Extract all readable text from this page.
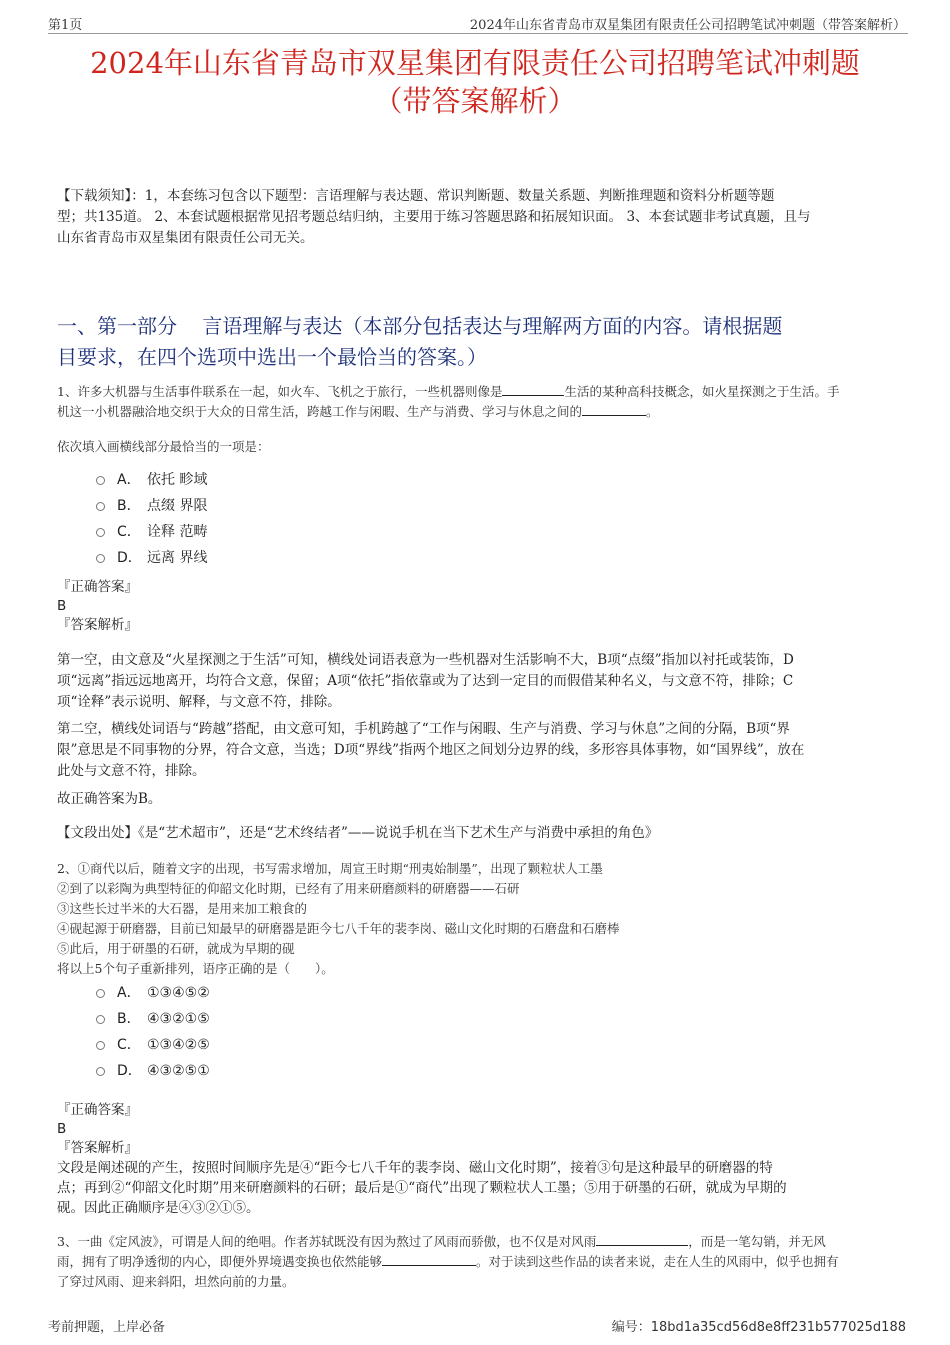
第1页	2024年山东省青岛市双星集团有限责任公司招聘笔试冲刺题（带答案解析）
2024年山东省青岛市双星集团有限责任公司招聘笔试冲刺题
（带答案解析）
【下载须知】：1，本套练习包含以下题型：言语理解与表达题、常识判断题、数量关系题、判断推理题和资料分析题等题
型；共135道。 2、本套试题根据常见招考题总结归纳，主要用于练习答题思路和拓展知识面。 3、本套试题非考试真题，且与
山东省青岛市双星集团有限责任公司无关。
一、第一部分    言语理解与表达（本部分包括表达与理解两方面的内容。请根据题
目要求，在四个选项中选出一个最恰当的答案。）
1、许多大机器与生活事件联系在一起，如火车、飞机之于旅行，一些机器则像是	生活的某种高科技概念，如火星探测之于生活。手
机这一小机器融洽地交织于大众的日常生活，跨越工作与闲暇、生产与消费、学习与休息之间的	。
依次填入画横线部分最恰当的一项是：
A． 依托 畛域
B． 点缀 界限
C． 诠释 范畴
D． 远离 界线
『正确答案』
B
『答案解析』
第一空，由文意及“火星探测之于生活”可知，横线处词语表意为一些机器对生活影响不大，B项“点缀”指加以衬托或装饰，D
项“远离”指远远地离开，均符合文意，保留；A项“依托”指依靠或为了达到一定目的而假借某种名义，与文意不符，排除；C
项“诠释”表示说明、解释，与文意不符，排除。
第二空，横线处词语与“跨越”搭配，由文意可知，手机跨越了“工作与闲暇、生产与消费、学习与休息”之间的分隔，B项“界
限”意思是不同事物的分界，符合文意，当选；D项“界线”指两个地区之间划分边界的线，多形容具体事物，如“国界线”，放在
此处与文意不符，排除。
故正确答案为B。
【文段出处】《是“艺术超市”，还是“艺术终结者”——说说手机在当下艺术生产与消费中承担的角色》
2、①商代以后，随着文字的出现，书写需求增加，周宣王时期“刑夷始制墨”，出现了颗粒状人工墨
②到了以彩陶为典型特征的仰韶文化时期，已经有了用来研磨颜料的研磨器——石研
③这些长过半米的大石器，是用来加工粮食的
④砚起源于研磨器，目前已知最早的研磨器是距今七八千年的裴李岗、磁山文化时期的石磨盘和石磨棒
⑤此后，用于研墨的石研，就成为早期的砚
将以上5个句子重新排列，语序正确的是（　　）。
A． ①③④⑤②
B． ④③②①⑤
C． ①③④②⑤
D． ④③②⑤①
『正确答案』
B
『答案解析』
文段是阐述砚的产生，按照时间顺序先是④“距今七八千年的裴李岗、磁山文化时期”，接着③句是这种最早的研磨器的特
点；再到②“仰韶文化时期”用来研磨颜料的石研；最后是①“商代”出现了颗粒状人工墨；⑤用于研墨的石研，就成为早期的
砚。因此正确顺序是④③②①⑤。
3、一曲《定风波》，可谓是人间的绝唱。作者苏轼既没有因为熬过了风雨而骄傲，也不仅是对风雨	，而是一笔勾销，并无风
雨，拥有了明净透彻的内心，即便外界境遇变换也依然能够	。对于读到这些作品的读者来说，走在人生的风雨中，似乎也拥有
了穿过风雨、迎来斜阳，坦然向前的力量。
考前押题，上岸必备	编号：18bd1a35cd56d8e8ff231b577025d188
